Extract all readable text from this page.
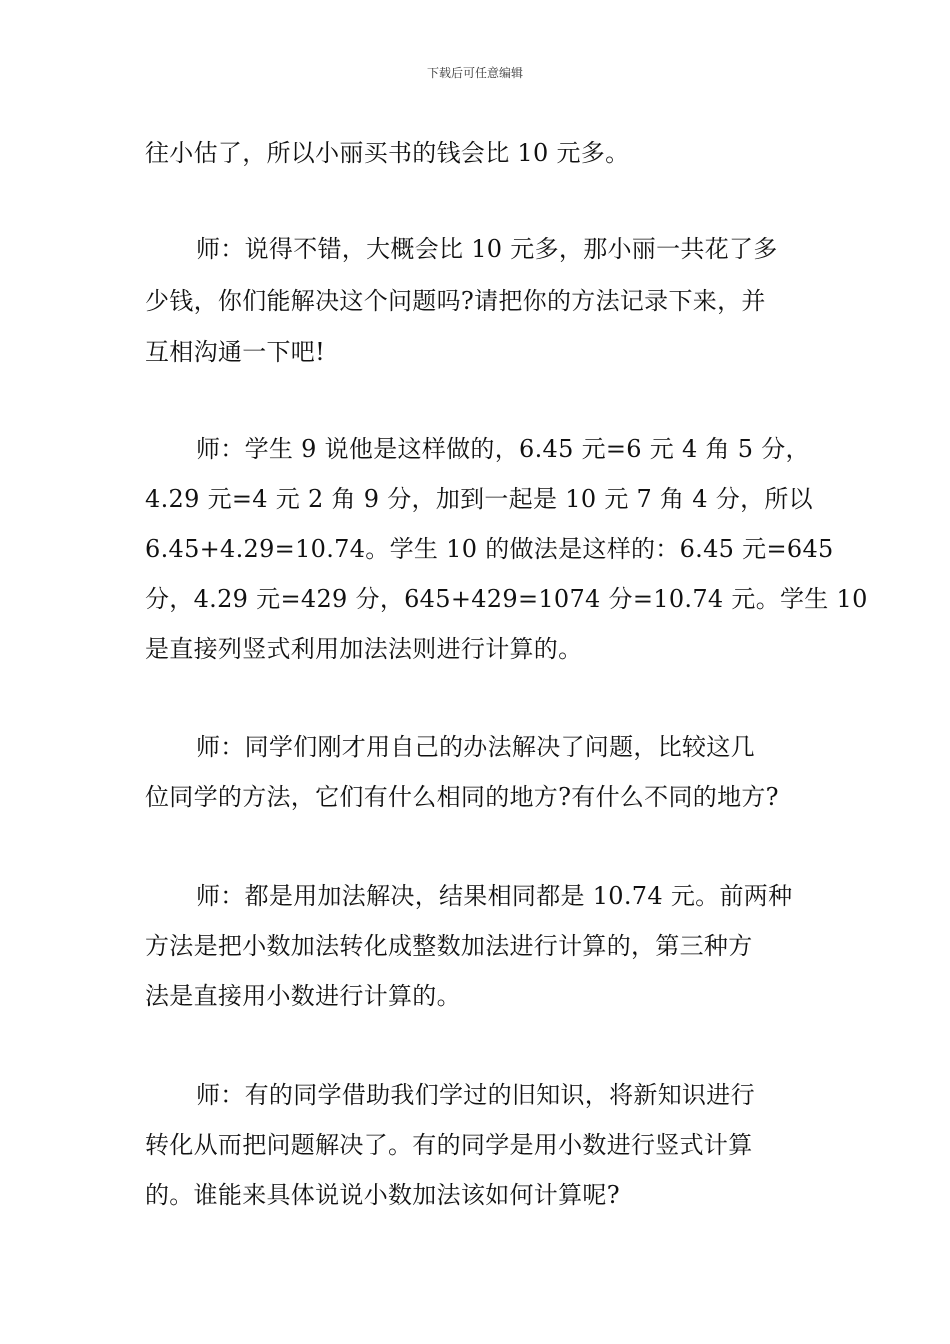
下载后可任意编辑
往小估了，所以小丽买书的钱会比 10 元多。
师：说得不错，大概会比 10 元多，那小丽一共花了多
少钱，你们能解决这个问题吗?请把你的方法记录下来，并
互相沟通一下吧!
师：学生 9 说他是这样做的，6.45 元=6 元 4 角 5 分，
4.29 元=4 元 2 角 9 分，加到一起是 10 元 7 角 4 分，所以
6.45+4.29=10.74。学生 10 的做法是这样的：6.45 元=645
分，4.29 元=429 分，645+429=1074 分=10.74 元。学生 10
是直接列竖式利用加法法则进行计算的。
师：同学们刚才用自己的办法解决了问题，比较这几
位同学的方法，它们有什么相同的地方?有什么不同的地方?
师：都是用加法解决，结果相同都是 10.74 元。前两种
方法是把小数加法转化成整数加法进行计算的，第三种方
法是直接用小数进行计算的。
师：有的同学借助我们学过的旧知识，将新知识进行
转化从而把问题解决了。有的同学是用小数进行竖式计算
的。谁能来具体说说小数加法该如何计算呢?
